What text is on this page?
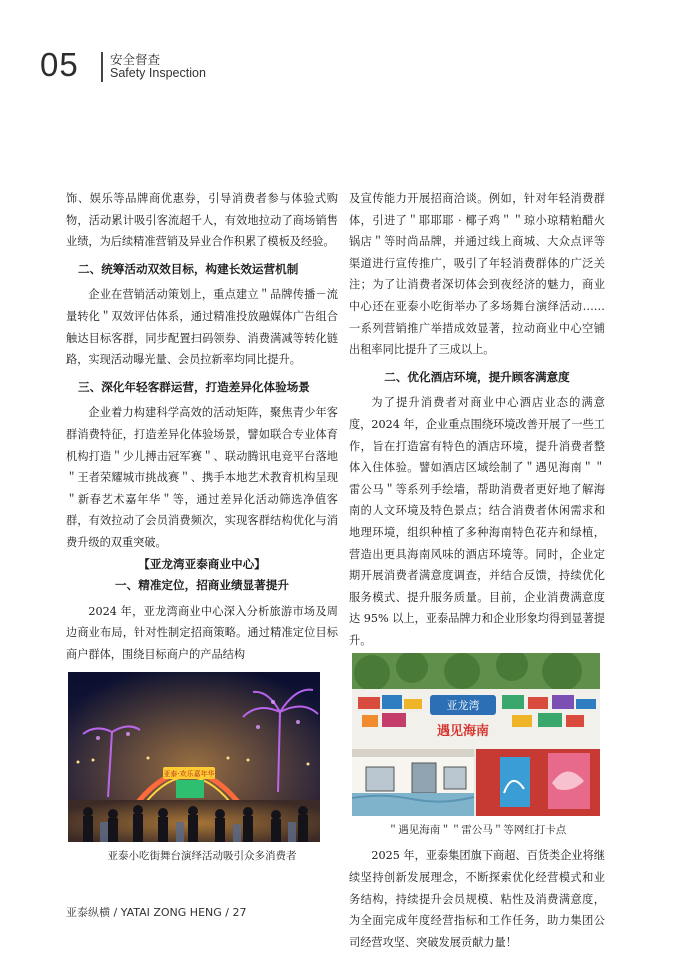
05	安全督查
Safety Inspection

饰、娱乐等品牌商优惠券，引导消费者参与体验式购物，活动累计吸引客流超千人，有效地拉动了商场销售业绩，为后续精准营销及异业合作积累了模板及经验。

二、统筹活动双效目标，构建长效运营机制

企业在营销活动策划上，重点建立＂品牌传播－流量转化＂双效评估体系，通过精准投放融媒体广告组合触达目标客群，同步配置扫码领券、消费满减等转化链路，实现活动曝光量、会员拉新率均同比提升。

三、深化年轻客群运营，打造差异化体验场景

企业着力构建科学高效的活动矩阵，聚焦青少年客群消费特征，打造差异化体验场景，譬如联合专业体育机构打造＂少儿搏击冠军赛＂、联动腾讯电竞平台落地＂王者荣耀城市挑战赛＂、携手本地艺术教育机构呈现＂新春艺术嘉年华＂等，通过差异化活动筛选净值客群，有效拉动了会员消费频次，实现客群结构优化与消费升级的双重突破。

【亚龙湾亚泰商业中心】
一、精准定位，招商业绩显著提升

2024 年，亚龙湾商业中心深入分析旅游市场及周边商业布局，针对性制定招商策略。通过精准定位目标商户群体，围绕目标商户的产品结构

亚泰·欢乐嘉年华
亚泰小吃街舞台演绎活动吸引众多消费者

及宣传能力开展招商洽谈。例如，针对年轻消费群体，引进了＂耶耶耶 · 椰子鸡＂＂琼小琼精粕醋火锅店＂等时尚品牌，并通过线上商城、大众点评等渠道进行宣传推广，吸引了年轻消费群体的广泛关注；为了让消费者深切体会到夜经济的魅力，商业中心还在亚泰小吃街举办了多场舞台演绎活动……一系列营销推广举措成效显著，拉动商业中心空铺出租率同比提升了三成以上。

二、优化酒店环境，提升顾客满意度

为了提升消费者对商业中心酒店业态的满意度，2024 年，企业重点围绕环境改善开展了一些工作，旨在打造富有特色的酒店环境，提升消费者整体入住体验。譬如酒店区域绘制了＂遇见海南＂＂雷公马＂等系列手绘墙，帮助消费者更好地了解海南的人文环境及特色景点；结合消费者休闲需求和地理环境，组织种植了多种海南特色花卉和绿植，营造出更具海南风味的酒店环境等。同时，企业定期开展消费者满意度调查，并结合反馈，持续优化服务模式、提升服务质量。目前，企业消费满意度达 95% 以上，亚泰品牌力和企业形象均得到显著提升。

亚龙湾
遇见海南
＂遇见海南＂＂雷公马＂等网红打卡点

2025 年，亚泰集团旗下商超、百货类企业将继续坚持创新发展理念，不断探索优化经营模式和业务结构，持续提升会员规模、粘性及消费满意度，为全面完成年度经营指标和工作任务，助力集团公司经营攻坚、突破发展贡献力量！

亚泰纵横 / YATAI ZONG HENG / 27
